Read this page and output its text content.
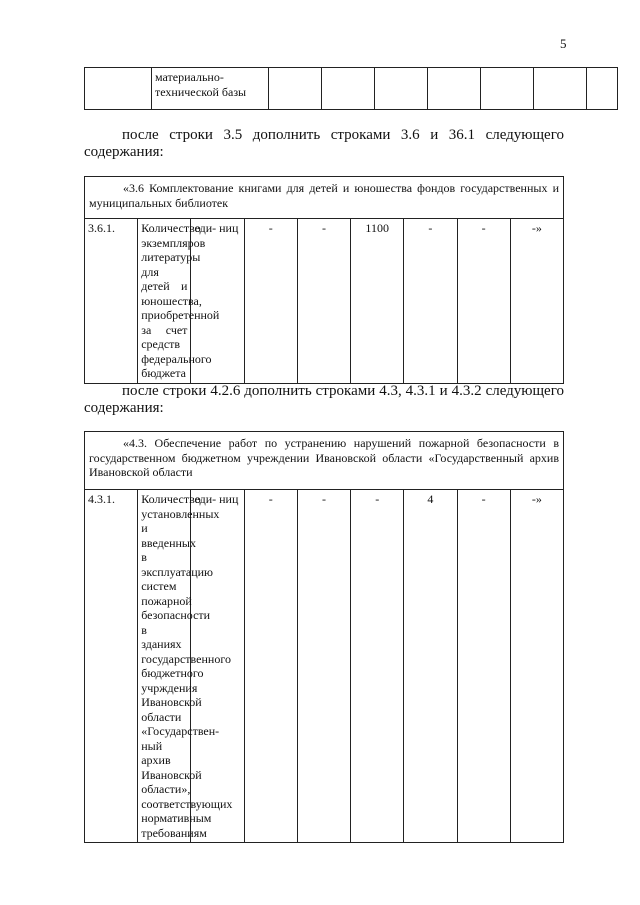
5
	материально-технической базы							
после строки 3.5 дополнить строками 3.6 и 36.1 следующего содержания:
«3.6 Комплектование книгами для детей и юношества фондов государственных и муниципальных библиотек
3.6.1.	Количество экземпляров литературы для детей и юношества, приобретенной за счет средств федерального бюджета	еди- ниц	-	-	1100	-	-	-»
после строки 4.2.6 дополнить строками 4.3, 4.3.1 и 4.3.2 следующего содержания:
«4.3. Обеспечение работ по устранению нарушений пожарной безопасности в государственном бюджетном учреждении Ивановской области «Государственный архив Ивановской области
4.3.1.	Количество установленных и введенных в эксплуатацию систем пожарной безопасности в зданиях государственного бюджетного учрждения Ивановской области «Государствен-ный архив Ивановской области», соответствующих нормативным требованиям	еди- ниц	-	-	-	4	-	-»
